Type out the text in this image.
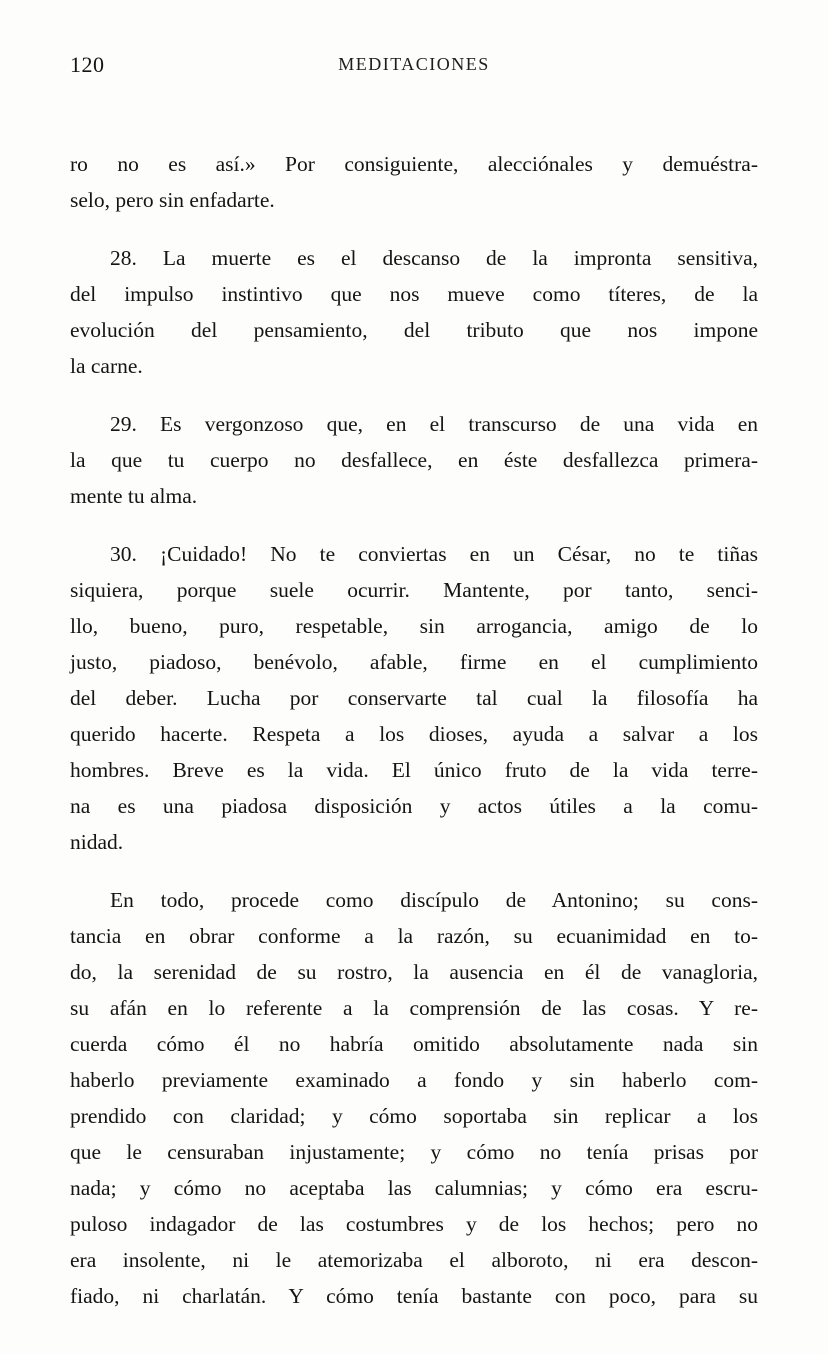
120	MEDITACIONES
ro no es así.» Por consiguiente, alecciónales y demuéstra-
selo, pero sin enfadarte.
28. La muerte es el descanso de la impronta sensitiva,
del impulso instintivo que nos mueve como títeres, de la
evolución del pensamiento, del tributo que nos impone
la carne.
29. Es vergonzoso que, en el transcurso de una vida en
la que tu cuerpo no desfallece, en éste desfallezca primera-
mente tu alma.
30. ¡Cuidado! No te conviertas en un César, no te tiñas
siquiera, porque suele ocurrir. Mantente, por tanto, senci-
llo, bueno, puro, respetable, sin arrogancia, amigo de lo
justo, piadoso, benévolo, afable, firme en el cumplimiento
del deber. Lucha por conservarte tal cual la filosofía ha
querido hacerte. Respeta a los dioses, ayuda a salvar a los
hombres. Breve es la vida. El único fruto de la vida terre-
na es una piadosa disposición y actos útiles a la comu-
nidad.
En todo, procede como discípulo de Antonino; su cons-
tancia en obrar conforme a la razón, su ecuanimidad en to-
do, la serenidad de su rostro, la ausencia en él de vanagloria,
su afán en lo referente a la comprensión de las cosas. Y re-
cuerda cómo él no habría omitido absolutamente nada sin
haberlo previamente examinado a fondo y sin haberlo com-
prendido con claridad; y cómo soportaba sin replicar a los
que le censuraban injustamente; y cómo no tenía prisas por
nada; y cómo no aceptaba las calumnias; y cómo era escru-
puloso indagador de las costumbres y de los hechos; pero no
era insolente, ni le atemorizaba el alboroto, ni era descon-
fiado, ni charlatán. Y cómo tenía bastante con poco, para su
